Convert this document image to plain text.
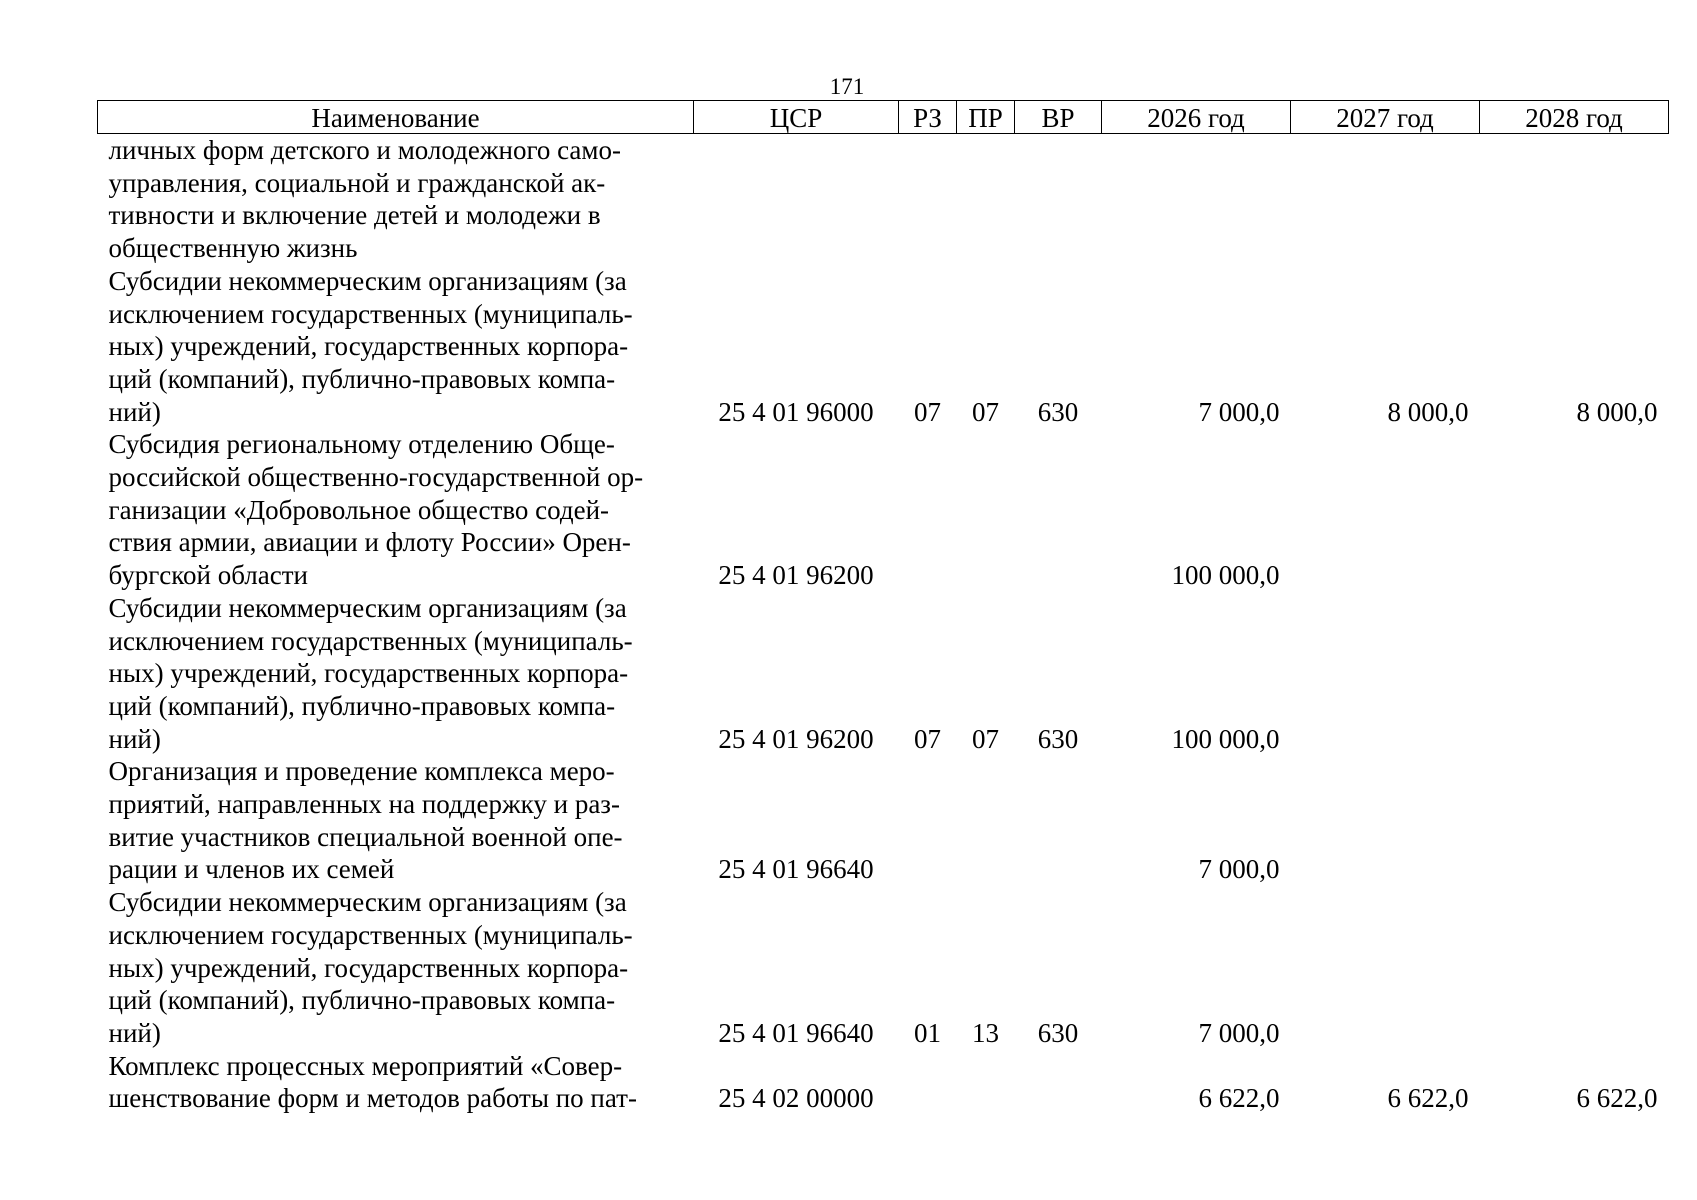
171
Наименование	ЦСР	РЗ	ПР	ВР	2026 год	2027 год	2028 год

личных форм детского и молодежного само-
управления, социальной и гражданской ак-
тивности и включение детей и молодежи в
общественную жизнь							

Субсидии некоммерческим организациям (за
исключением государственных (муниципаль-
ных) учреждений, государственных корпора-
ций (компаний), публично-правовых компа-
ний)	25 4 01 96000	07	07	630	7 000,0	8 000,0	8 000,0

Субсидия региональному отделению Обще-
российской общественно-государственной ор-
ганизации «Добровольное общество содей-
ствия армии, авиации и флоту России» Орен-
бургской области	25 4 01 96200				100 000,0		

Субсидии некоммерческим организациям (за
исключением государственных (муниципаль-
ных) учреждений, государственных корпора-
ций (компаний), публично-правовых компа-
ний)	25 4 01 96200	07	07	630	100 000,0		

Организация и проведение комплекса меро-
приятий, направленных на поддержку и раз-
витие участников специальной военной опе-
рации и членов их семей	25 4 01 96640				7 000,0		

Субсидии некоммерческим организациям (за
исключением государственных (муниципаль-
ных) учреждений, государственных корпора-
ций (компаний), публично-правовых компа-
ний)	25 4 01 96640	01	13	630	7 000,0		

Комплекс процессных мероприятий «Совер-
шенствование форм и методов работы по пат-	25 4 02 00000				6 622,0	6 622,0	6 622,0
